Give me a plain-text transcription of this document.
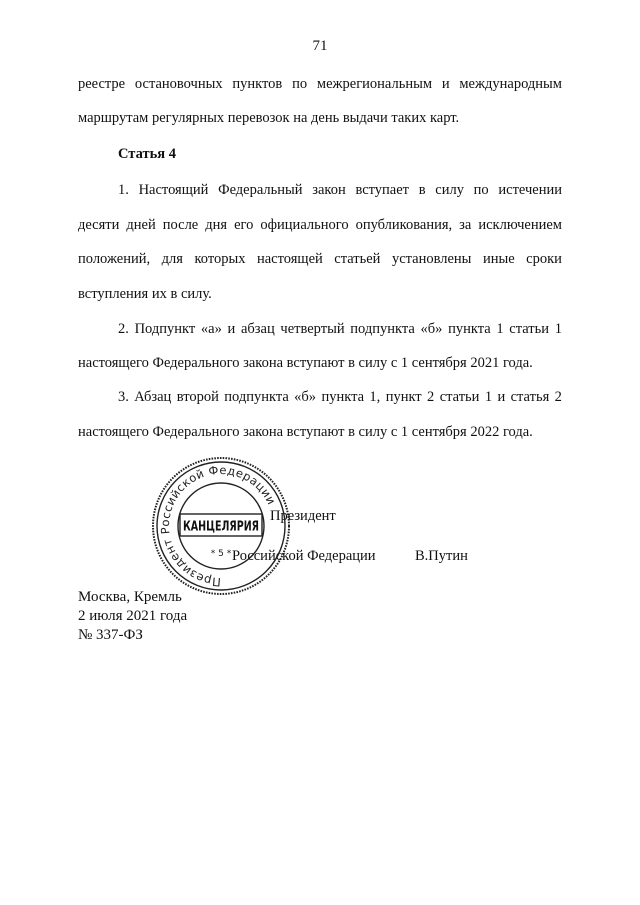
71
реестре остановочных пунктов по межрегиональным и международным
маршрутам регулярных перевозок на день выдачи таких карт.
Статья 4
1. Настоящий Федеральный закон вступает в силу по истечении
десяти дней после дня его официального опубликования, за исключением
положений, для которых настоящей статьей установлены иные сроки
вступления их в силу.
2. Подпункт «а» и абзац четвертый подпункта «б» пункта 1 статьи 1
настоящего Федерального закона вступают в силу с 1 сентября 2021 года.
3. Абзац второй подпункта «б» пункта 1, пункт 2 статьи 1 и статья 2
настоящего Федерального закона вступают в силу с 1 сентября 2022 года.
Президент Российской Федерации
КАНЦЕЛЯРИЯ
* 5 *
Президент
Российской Федерации	В.Путин
Москва, Кремль
2 июля 2021 года
№ 337-ФЗ
